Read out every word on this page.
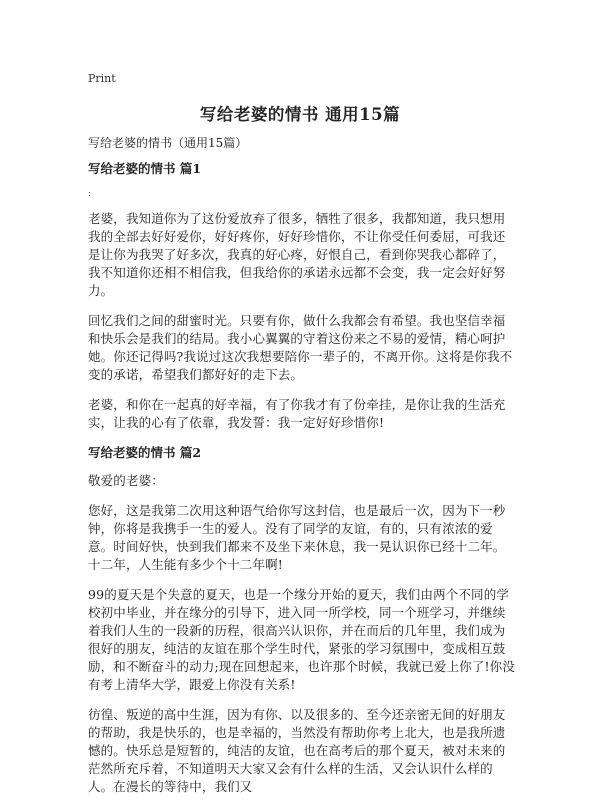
Print
写给老婆的情书 通用15篇
写给老婆的情书（通用15篇）
写给老婆的情书 篇1
:

老婆，我知道你为了这份爱放弃了很多，牺牲了很多，我都知道，我只想用我的全部去好好爱你，好好疼你，好好珍惜你，不让你受任何委屈，可我还是让你为我哭了好多次，我真的好心疼，好恨自己，看到你哭我心都碎了，我不知道你还相不相信我，但我给你的承诺永远都不会变，我一定会好好努力。

回忆我们之间的甜蜜时光。只要有你，做什么我都会有希望。我也坚信幸福和快乐会是我们的结局。我小心翼翼的守着这份来之不易的爱情，精心呵护她。你还记得吗?我说过这次我想要陪你一辈子的，不离开你。这将是你我不变的承诺，希望我们都好好的走下去。

老婆，和你在一起真的好幸福，有了你我才有了份牵挂，是你让我的生活充实，让我的心有了依靠，我发誓：我一定好好珍惜你!

写给老婆的情书 篇2

敬爱的老婆：

您好，这是我第二次用这种语气给你写这封信，也是最后一次，因为下一秒钟，你将是我携手一生的爱人。没有了同学的友谊，有的，只有浓浓的爱意。时间好快，快到我们都来不及坐下来休息，我一晃认识你已经十二年。十二年，人生能有多少个十二年啊!

99的夏天是个失意的夏天，也是一个缘分开始的夏天，我们由两个不同的学校初中毕业，并在缘分的引导下，进入同一所学校，同一个班学习，并继续着我们人生的一段新的历程，很高兴认识你，并在而后的几年里，我们成为很好的朋友，纯洁的友谊在那个学生时代，紧张的学习氛围中，变成相互鼓励，和不断奋斗的动力;现在回想起来，也许那个时候，我就已爱上你了!你没有考上清华大学，跟爱上你没有关系!

彷徨、叛逆的高中生涯，因为有你、以及很多的、至今还亲密无间的好朋友的帮助，我是快乐的，也是幸福的，当然没有帮助你考上北大，也是我所遗憾的。快乐总是短暂的，纯洁的友谊，也在高考后的那个夏天，被对未来的茫然所充斥着，不知道明天大家又会有什么样的生活，又会认识什么样的人。在漫长的等待中，我们又
